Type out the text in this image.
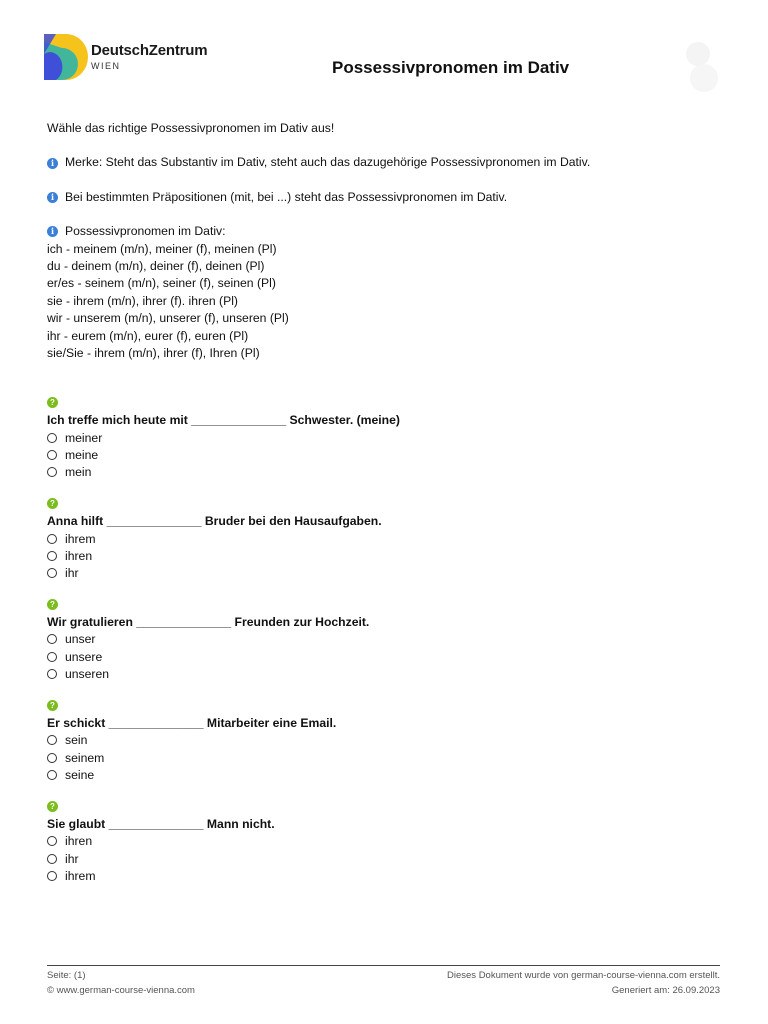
DeutschZentrum
WIEN	Possessivpronomen im Dativ
Wähle das richtige Possessivpronomen im Dativ aus!
i Merke: Steht das Substantiv im Dativ, steht auch das dazugehörige Possessivpronomen im Dativ.
i Bei bestimmten Präpositionen (mit, bei ...) steht das Possessivpronomen im Dativ.
i Possessivpronomen im Dativ:
ich - meinem (m/n), meiner (f), meinen (Pl)
du - deinem (m/n), deiner (f), deinen (Pl)
er/es - seinem (m/n), seiner (f), seinen (Pl)
sie - ihrem (m/n), ihrer (f). ihren (Pl)
wir - unserem (m/n), unserer (f), unseren (Pl)
ihr - eurem (m/n), eurer (f), euren (Pl)
sie/Sie - ihrem (m/n), ihrer (f), Ihren (Pl)
?
Ich treffe mich heute mit ______________ Schwester. (meine)
meiner
meine
mein
?
Anna hilft ______________ Bruder bei den Hausaufgaben.
ihrem
ihren
ihr
?
Wir gratulieren ______________ Freunden zur Hochzeit.
unser
unsere
unseren
?
Er schickt ______________ Mitarbeiter eine Email.
sein
seinem
seine
?
Sie glaubt ______________ Mann nicht.
ihren
ihr
ihrem
Seite: (1)
© www.german-course-vienna.com
Dieses Dokument wurde von german-course-vienna.com erstellt.
Generiert am: 26.09.2023
